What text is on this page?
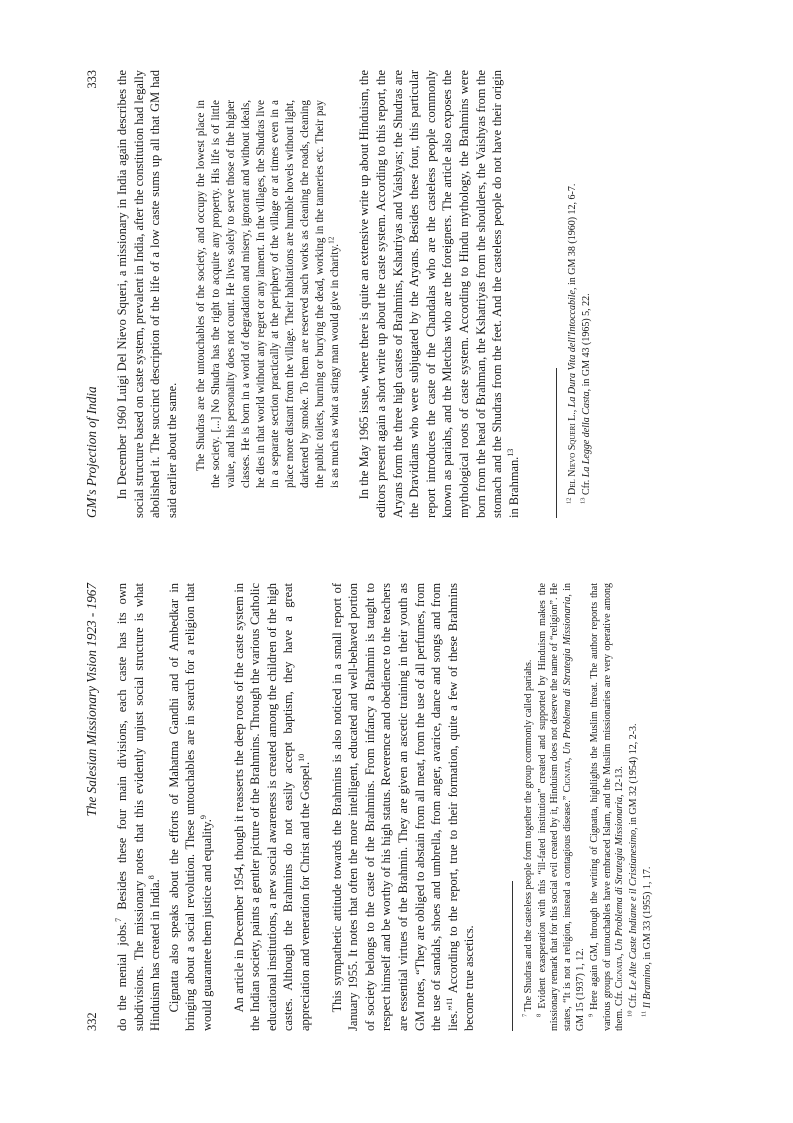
332
The Salesian Missionary Vision 1923 - 1967

do the menial jobs.$^7$ Besides these four main divisions, each caste has its own subdivisions. The missionary notes that this evidently unjust social structure is what Hinduism has created in India.$^8$ Cignatta also speaks about the efforts of Mahatma Gandhi and of Ambedkar in bringing about a social revolution. These untouchables are in search for a religion that would guarantee them justice and equality.$^9$	An article in December 1954, though it reasserts the deep roots of the caste system in the Indian society, paints a gentler picture of the Brahmins. Through the various Catholic educational institutions, a new social awareness is created among the children of the high castes. Although the Brahmins do not easily accept baptism, they have a great appreciation and veneration for Christ and the Gospel.$^{10}$	This sympathetic attitude towards the Brahmins is also noticed in a small report of January 1955. It notes that often the more intelligent, educated and well-behaved portion of society belongs to the caste of the Brahmins. From infancy a Brahmin is taught to respect himself and be worthy of his high status. Reverence and obedience to the teachers are essential virtues of the Brahmin. They are given an ascetic training in their youth as GM notes, “They are obliged to abstain from all meat, from the use of all perfumes, from the use of sandals, shoes and umbrella, from anger, avarice, dance and songs and from lies.”$^{11}$ According to the report, true to their formation, quite a few of these Brahmins become true ascetics.	$^7$ The Shudras and the casteless people form together the group commonly called pariahs.

$^8$ Evident exasperation with this “ill-fated institution” created and supported by Hinduism makes the missionary remark that for this social evil created by it, Hinduism does not deserve the name of “religion”. He states, “It is not a religion, instead a contagious disease.” Cignata, Un Problema di Strategia Missionaria, in GM 15 (1937) 1, 12. $^9$ Here again GM, through the writing of Cignatta, highlights the Muslim threat. The author reports that various groups of untouchables have embraced Islam, and the Muslim missionaries are very operative among them. Cfr. Cignata, Un Problema di Strategia Missionaria, 12-13.

$^{10}$ Cfr. Le Alte Caste Indiane e il Cristianesimo, in GM 32 (1954) 12, 2-3.

$^{11}$ Il Bramino, in GM 33 (1955) 1, 17.

GM's Projection of India
333 In December 1960 Luigi Del Nievo Squeri, a missionary in India again describes the social structure based on caste system, prevalent in India, after the constitution had legally abolished it. The succinct description of the life of a low caste sums up all that GM had said earlier about the same. The Shudras are the untouchables of the society, and occupy the lowest place in the society. [...] No Shudra has the right to acquire any property. His life is of little value, and his personality does not count. He lives solely to serve those of the higher classes. He is born in a world of degradation and misery, ignorant and without ideals, he dies in that world without any regret or any lament. In the villages, the Shudras live in a separate section practically at the periphery of the village or at times even in a place more distant from the village. Their habitations are humble hovels without light, darkened by smoke. To them are reserved such works as cleaning the roads, cleaning the public toilets, burning or burying the dead, working in the tanneries etc. Their pay is as much as what a stingy man would give in charity.$^{12}$	In the May 1965 issue, where there is quite an extensive write up about Hinduism, the editors present again a short write up about the caste system. According to this report, the Aryans form the three high castes of Brahmins, Kshatriyas and Vaishyas; the Shudras are the Dravidians who were subjugated by the Aryans. Besides these four, this particular report introduces the caste of the Chandalas who are the casteless people commonly known as pariahs, and the Mletchas who are the foreigners. The article also exposes the mythological roots of caste system. According to Hindu mythology, the Brahmins were born from the head of Brahman, the Kshatriyas from the shoulders, the Vaishyas from the stomach and the Shudras from the feet. And the casteless people do not have their origin in Brahman.$^{13}$

$^{12}$ Del Nievo Squeri L., La Dura Vita dell'Intoccabile, in GM 38 (1960) 12, 6-7.

$^{13}$ Cfr. La Legge della Casta, in GM 43 (1965) 5, 22.
